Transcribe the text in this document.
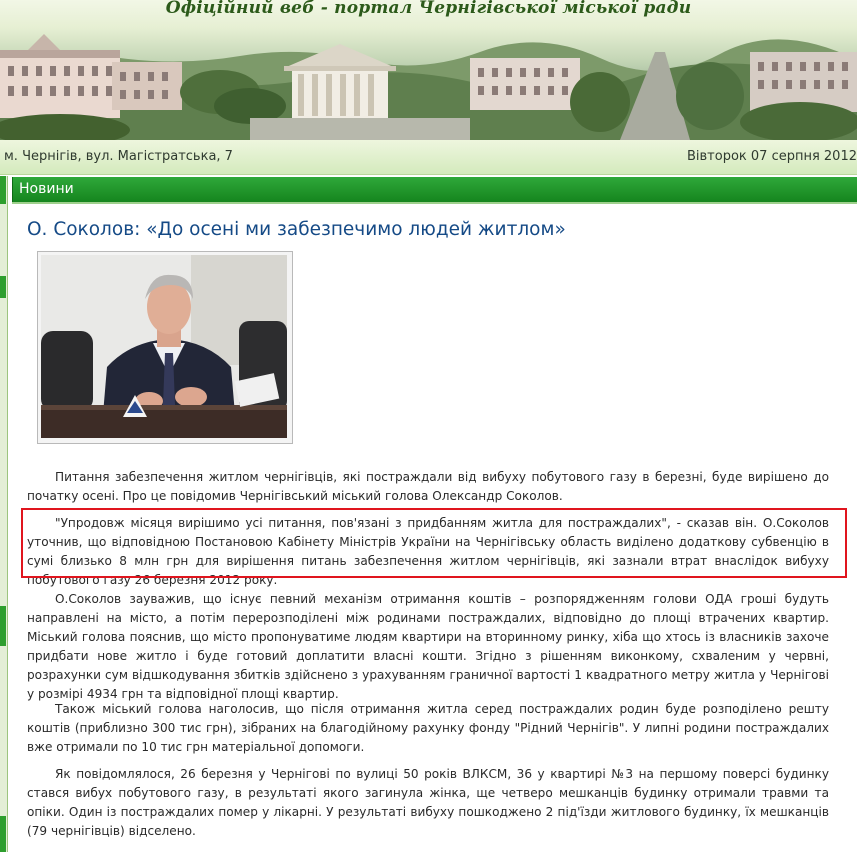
Офіційний веб - портал Чернігівської міської ради
м. Чернігів, вул. Магістратська, 7	Вівторок 07 серпня 2012
Новини
О. Соколов: «До осені ми забезпечимо людей житлом»

Питання забезпечення житлом чернігівців, які постраждали від вибуху побутового газу в березні, буде вирішено до початку осені. Про це повідомив Чернігівський міський голова Олександр Соколов.

"Упродовж місяця вирішимо усі питання, пов'язані з придбанням житла для постраждалих", - сказав він. О.Соколов уточнив, що відповідною Постановою Кабінету Міністрів України на Чернігівську область виділено додаткову субвенцію в сумі близько 8 млн грн для вирішення питань забезпечення житлом чернігівців, які зазнали втрат внаслідок вибуху побутового газу 26 березня 2012 року.

О.Соколов зауважив, що існує певний механізм отримання коштів – розпорядженням голови ОДА гроші будуть направлені на місто, а потім перерозподілені між родинами постраждалих, відповідно до площі втрачених квартир. Міський голова пояснив, що місто пропонуватиме людям квартири на вторинному ринку, хіба що хтось із власників захоче придбати нове житло і буде готовий доплатити власні кошти. Згідно з рішенням виконкому, схваленим у червні, розрахунки сум відшкодування збитків здійснено з урахуванням граничної вартості 1 квадратного метру житла у Чернігові у розмірі 4934 грн та відповідної площі квартир.

Також міський голова наголосив, що після отримання житла серед постраждалих родин буде розподілено решту коштів (приблизно 300 тис грн), зібраних на благодійному рахунку фонду "Рідний Чернігів". У липні родини постраждалих вже отримали по 10 тис грн матеріальної допомоги.

Як повідомлялося, 26 березня у Чернігові по вулиці 50 років ВЛКСМ, 36 у квартирі №3 на першому поверсі будинку стався вибух побутового газу, в результаті якого загинула жінка, ще четверо мешканців будинку отримали травми та опіки. Один із постраждалих помер у лікарні. У результаті вибуху пошкоджено 2 під'їзди житлового будинку, їх мешканців (79 чернігівців) відселено.
